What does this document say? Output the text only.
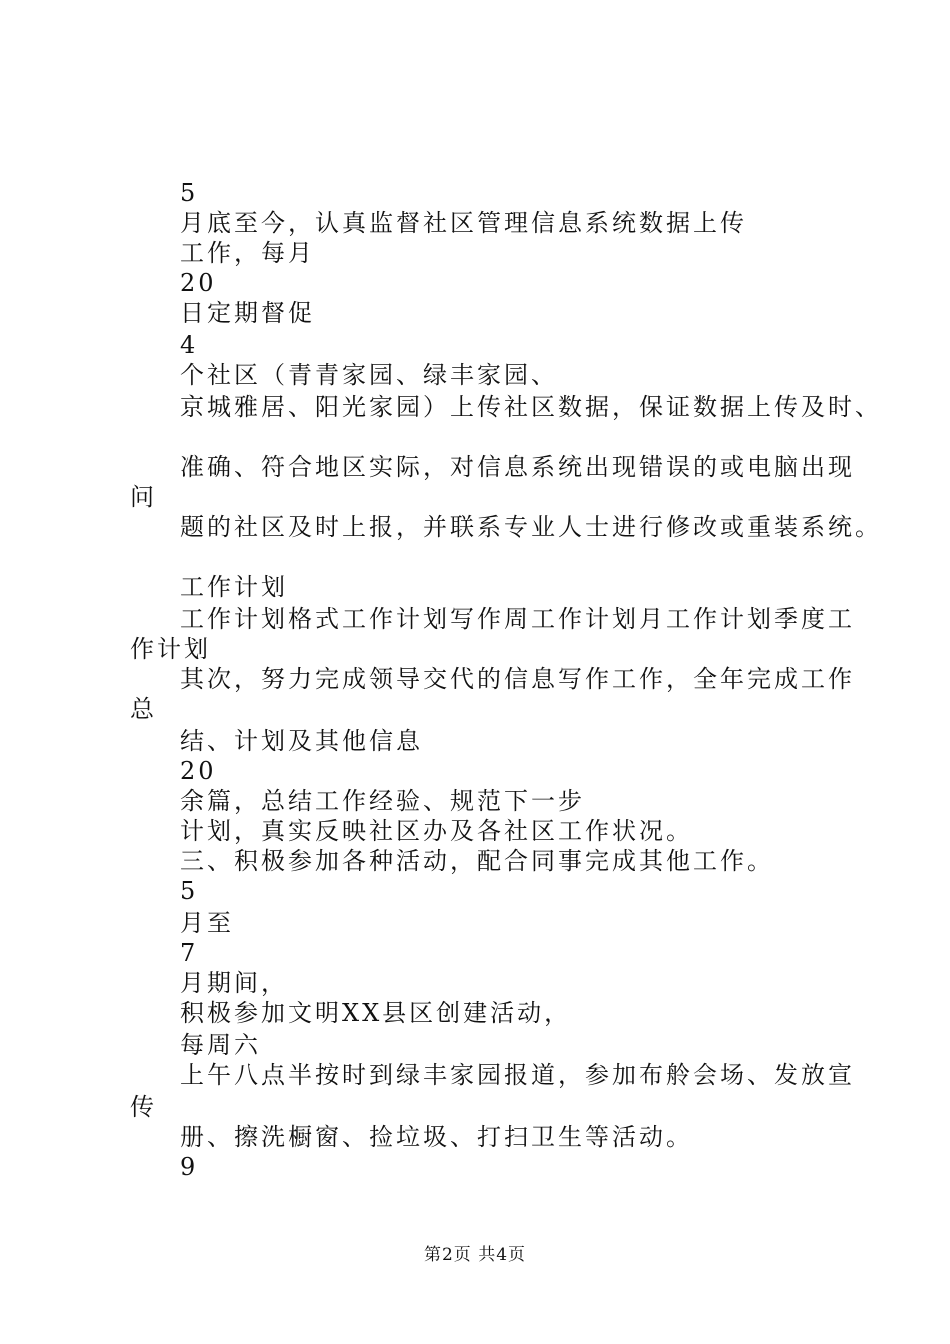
5
月底至今，认真监督社区管理信息系统数据上传
工作，每月
20
日定期督促
4
个社区（青青家园、绿丰家园、
京城雅居、阳光家园）上传社区数据，保证数据上传及时、
准确、符合地区实际，对信息系统出现错误的或电脑出现
问
题的社区及时上报，并联系专业人士进行修改或重装系统。
工作计划
工作计划格式工作计划写作周工作计划月工作计划季度工
作计划
其次，努力完成领导交代的信息写作工作，全年完成工作
总
结、计划及其他信息
20
余篇，总结工作经验、规范下一步
计划，真实反映社区办及各社区工作状况。
三、积极参加各种活动，配合同事完成其他工作。
5
月至
7
月期间，
积极参加文明XX县区创建活动，
每周六
上午八点半按时到绿丰家园报道，参加布舲会场、发放宣
传
册、擦洗橱窗、捡垃圾、打扫卫生等活动。
9
第2页 共4页
